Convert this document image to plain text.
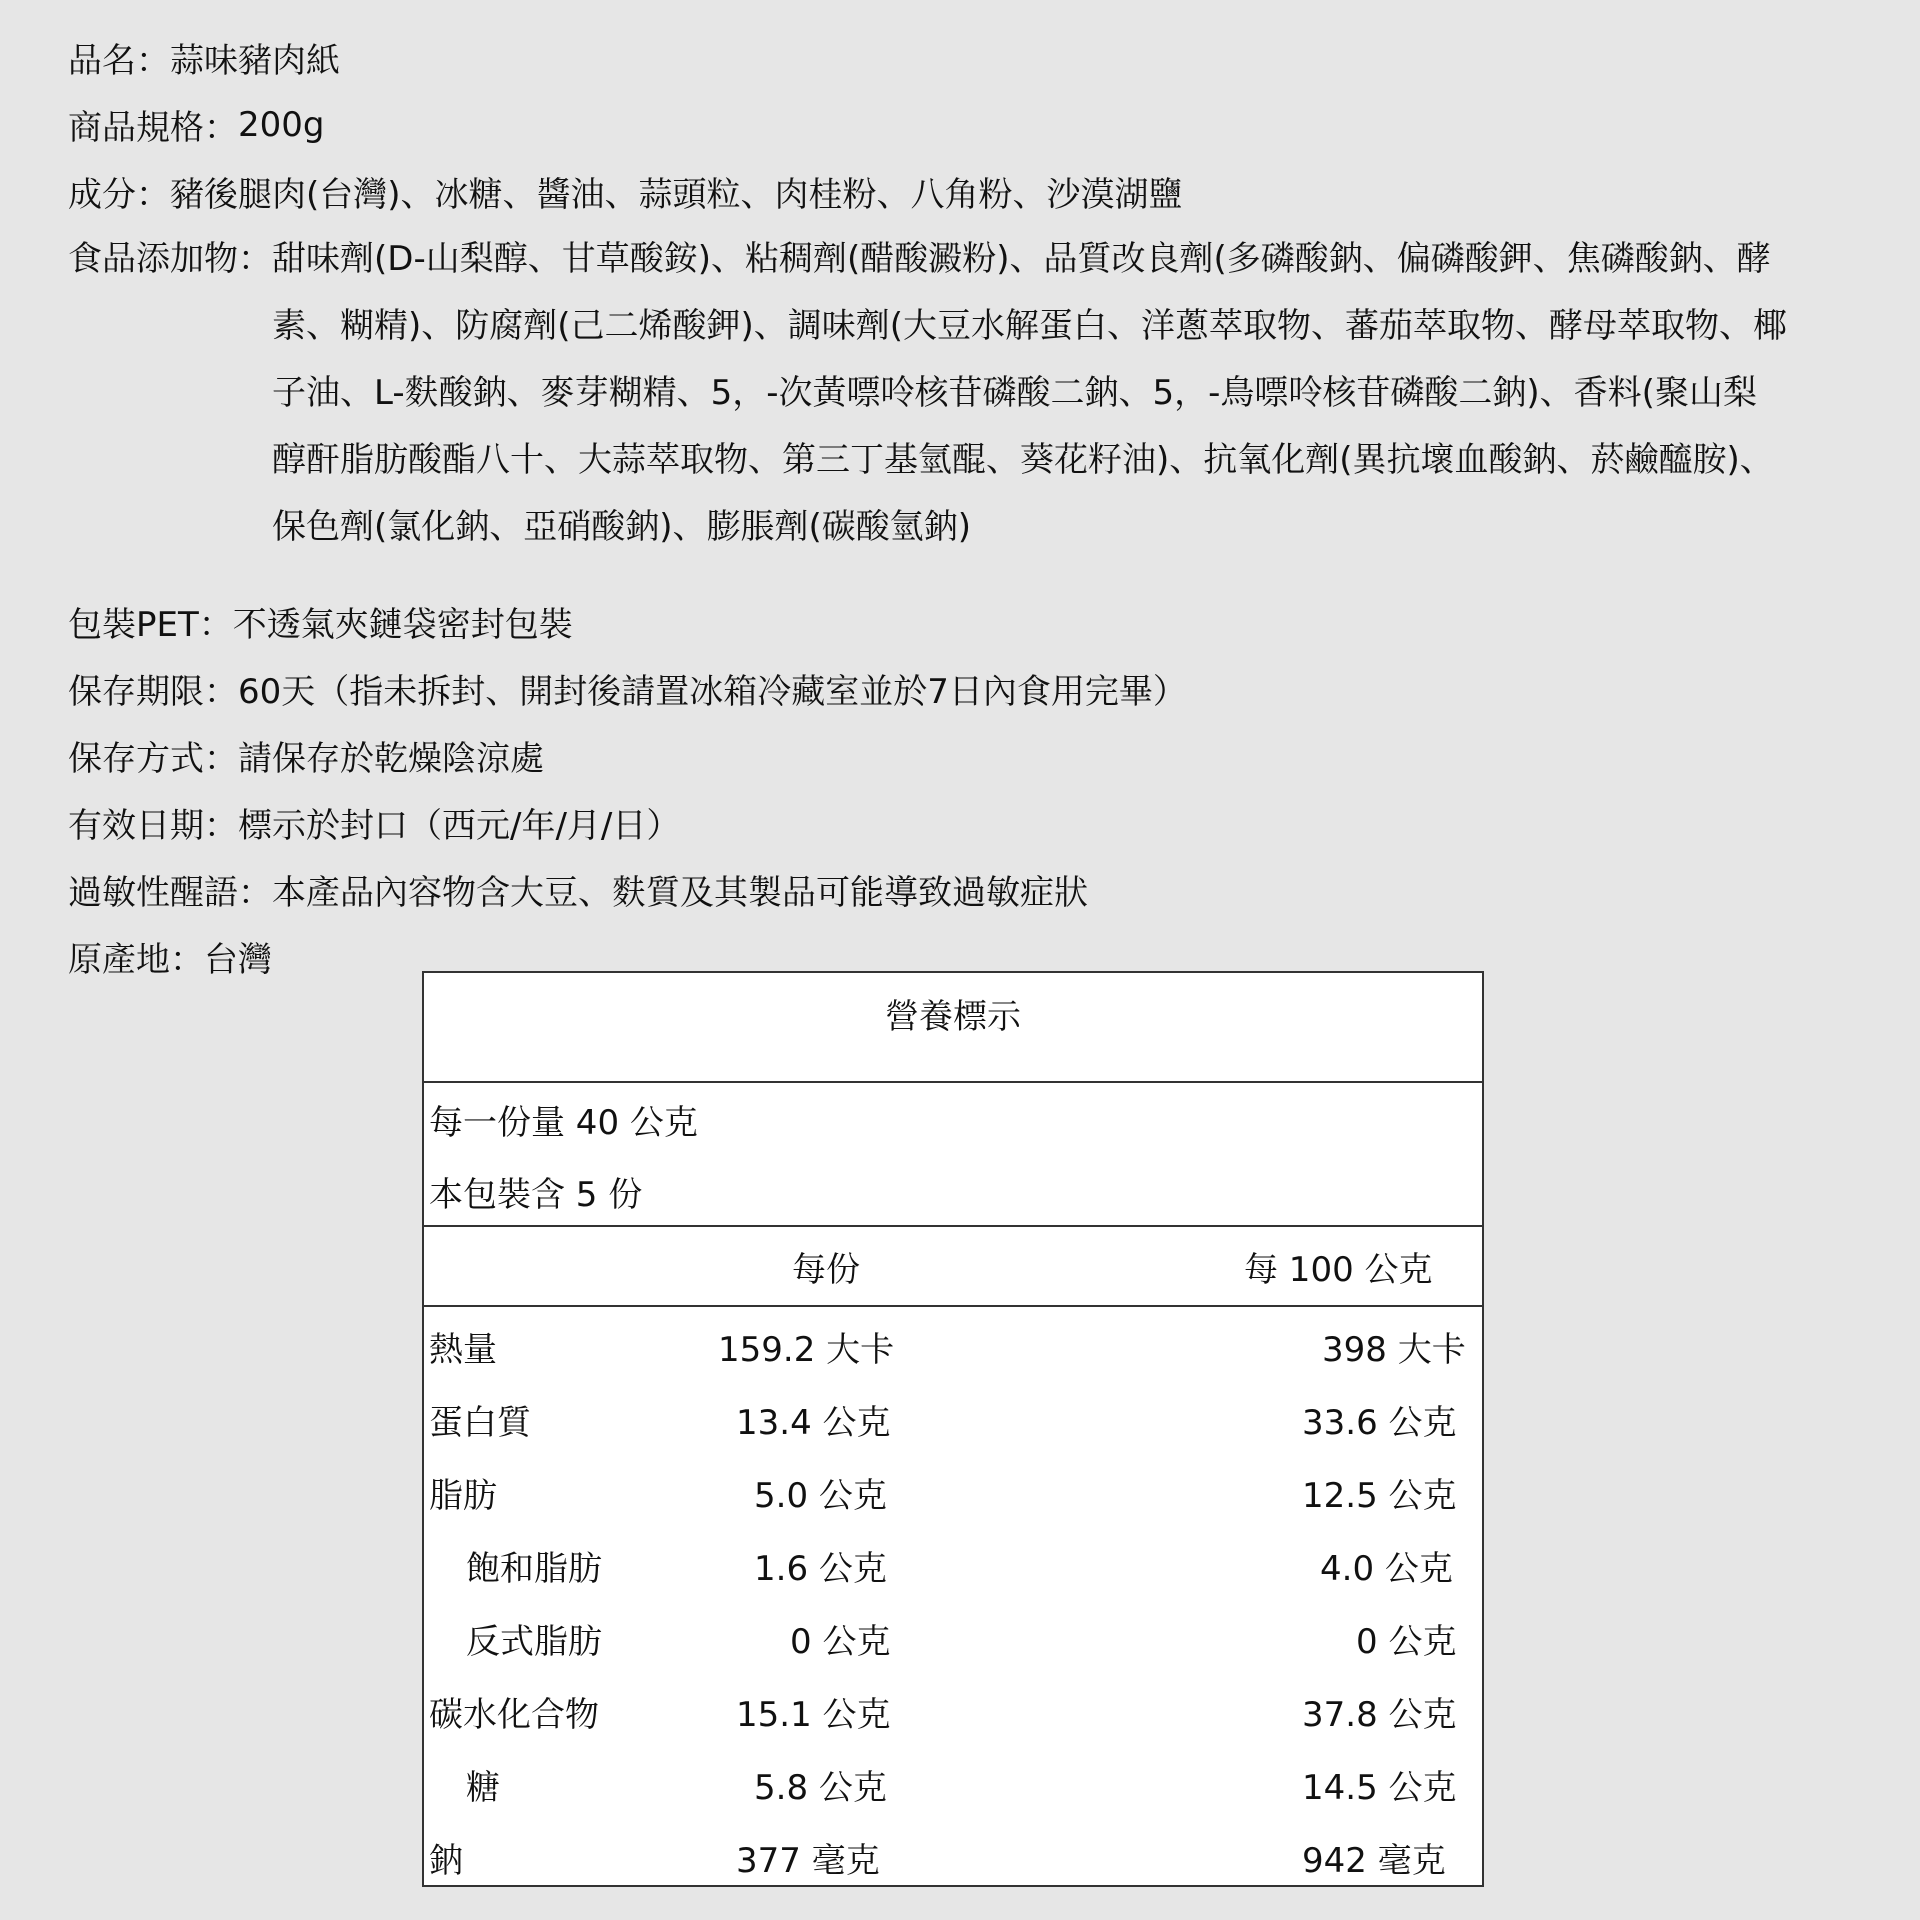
品名： 蒜味豬肉紙
商品規格： 200g
成分： 豬後腿肉(台灣)、冰糖、醬油、蒜頭粒、肉桂粉、八角粉、沙漠湖鹽
食品添加物： 甜味劑(D-山梨醇、甘草酸銨)、粘稠劑(醋酸澱粉)、品質改良劑(多磷酸鈉、偏磷酸鉀、焦磷酸鈉、酵
素、糊精)、防腐劑(己二烯酸鉀)、調味劑(大豆水解蛋白、洋蔥萃取物、蕃茄萃取物、酵母萃取物、椰
子油、L-麩酸鈉、麥芽糊精、5，-次黃嘌呤核苷磷酸二鈉、5，-鳥嘌呤核苷磷酸二鈉)、香料(聚山梨
醇酐脂肪酸酯八十、大蒜萃取物、第三丁基氫醌、葵花籽油)、抗氧化劑(異抗壞血酸鈉、菸鹼醯胺)、
保色劑(氯化鈉、亞硝酸鈉)、膨脹劑(碳酸氫鈉)
包裝PET： 不透氣夾鏈袋密封包裝
保存期限： 60天（指未拆封、開封後請置冰箱冷藏室並於7日內食用完畢）
保存方式： 請保存於乾燥陰涼處
有效日期： 標示於封口（西元/年/月/日）
過敏性醒語： 本產品內容物含大豆、麩質及其製品可能導致過敏症狀
原產地： 台灣
營養標示
每一份量 40 公克
本包裝含 5 份
每份	每 100 公克
熱量	159.2 大卡	398 大卡
蛋白質	13.4 公克	33.6 公克
脂肪	5.0 公克	12.5 公克
飽和脂肪	1.6 公克	4.0 公克
反式脂肪	0 公克	0 公克
碳水化合物	15.1 公克	37.8 公克
糖	5.8 公克	14.5 公克
鈉	377 毫克	942 毫克
